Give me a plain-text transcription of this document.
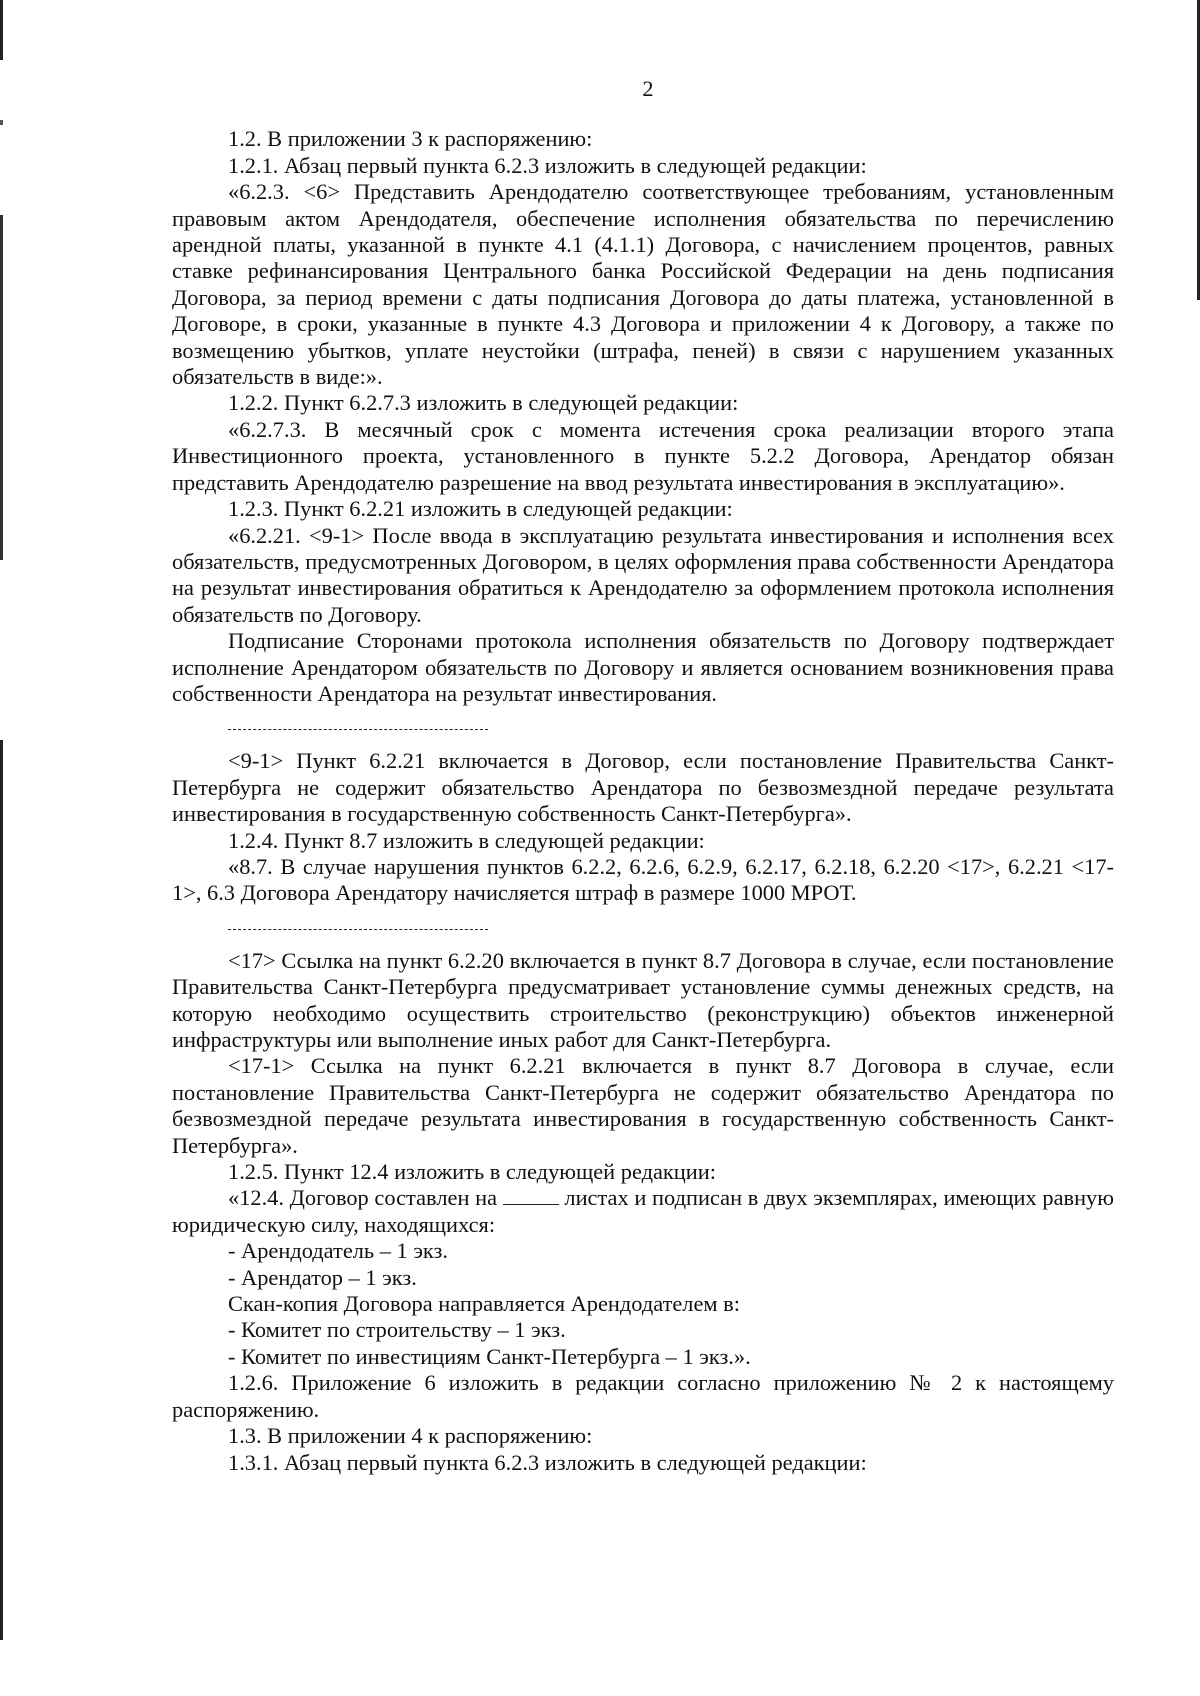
2

1.2. В приложении 3 к распоряжению:

1.2.1. Абзац первый пункта 6.2.3 изложить в следующей редакции:

«6.2.3. <6> Представить Арендодателю соответствующее требованиям, установленным правовым актом Арендодателя, обеспечение исполнения обязательства по перечислению арендной платы, указанной в пункте 4.1 (4.1.1) Договора, с начислением процентов, равных ставке рефинансирования Центрального банка Российской Федерации на день подписания Договора, за период времени с даты подписания Договора до даты платежа, установленной в Договоре, в сроки, указанные в пункте 4.3 Договора и приложении 4 к Договору, а также по возмещению убытков, уплате неустойки (штрафа, пеней) в связи с нарушением указанных обязательств в виде:».

1.2.2. Пункт 6.2.7.3 изложить в следующей редакции:

«6.2.7.3. В месячный срок с момента истечения срока реализации второго этапа Инвестиционного проекта, установленного в пункте 5.2.2 Договора, Арендатор обязан представить Арендодателю разрешение на ввод результата инвестирования в эксплуатацию».

1.2.3. Пункт 6.2.21 изложить в следующей редакции:

«6.2.21. <9-1> После ввода в эксплуатацию результата инвестирования и исполнения всех обязательств, предусмотренных Договором, в целях оформления права собственности Арендатора на результат инвестирования обратиться к Арендодателю за оформлением протокола исполнения обязательств по Договору.

Подписание Сторонами протокола исполнения обязательств по Договору подтверждает исполнение Арендатором обязательств по Договору и является основанием возникновения права собственности Арендатора на результат инвестирования.

<9-1> Пункт 6.2.21 включается в Договор, если постановление Правительства Санкт-Петербурга не содержит обязательство Арендатора по безвозмездной передаче результата инвестирования в государственную собственность Санкт-Петербурга».

1.2.4. Пункт 8.7 изложить в следующей редакции:

«8.7. В случае нарушения пунктов 6.2.2, 6.2.6, 6.2.9, 6.2.17, 6.2.18, 6.2.20 <17>, 6.2.21 <17-1>, 6.3 Договора Арендатору начисляется штраф в размере 1000 МРОТ.

<17> Ссылка на пункт 6.2.20 включается в пункт 8.7 Договора в случае, если постановление Правительства Санкт-Петербурга предусматривает установление суммы денежных средств, на которую необходимо осуществить строительство (реконструкцию) объектов инженерной инфраструктуры или выполнение иных работ для Санкт-Петербурга.

<17-1> Ссылка на пункт 6.2.21 включается в пункт 8.7 Договора в случае, если постановление Правительства Санкт-Петербурга не содержит обязательство Арендатора по безвозмездной передаче результата инвестирования в государственную собственность Санкт-Петербурга».

1.2.5. Пункт 12.4 изложить в следующей редакции:

«12.4. Договор составлен на	листах и подписан в двух экземплярах, имеющих равную юридическую силу, находящихся:

- Арендодатель – 1 экз.

- Арендатор – 1 экз.

Скан-копия Договора направляется Арендодателем в:

- Комитет по строительству – 1 экз.

- Комитет по инвестициям Санкт-Петербурга – 1 экз.».

1.2.6. Приложение 6 изложить в редакции согласно приложению № 2 к настоящему распоряжению.

1.3. В приложении 4 к распоряжению:

1.3.1. Абзац первый пункта 6.2.3 изложить в следующей редакции:
